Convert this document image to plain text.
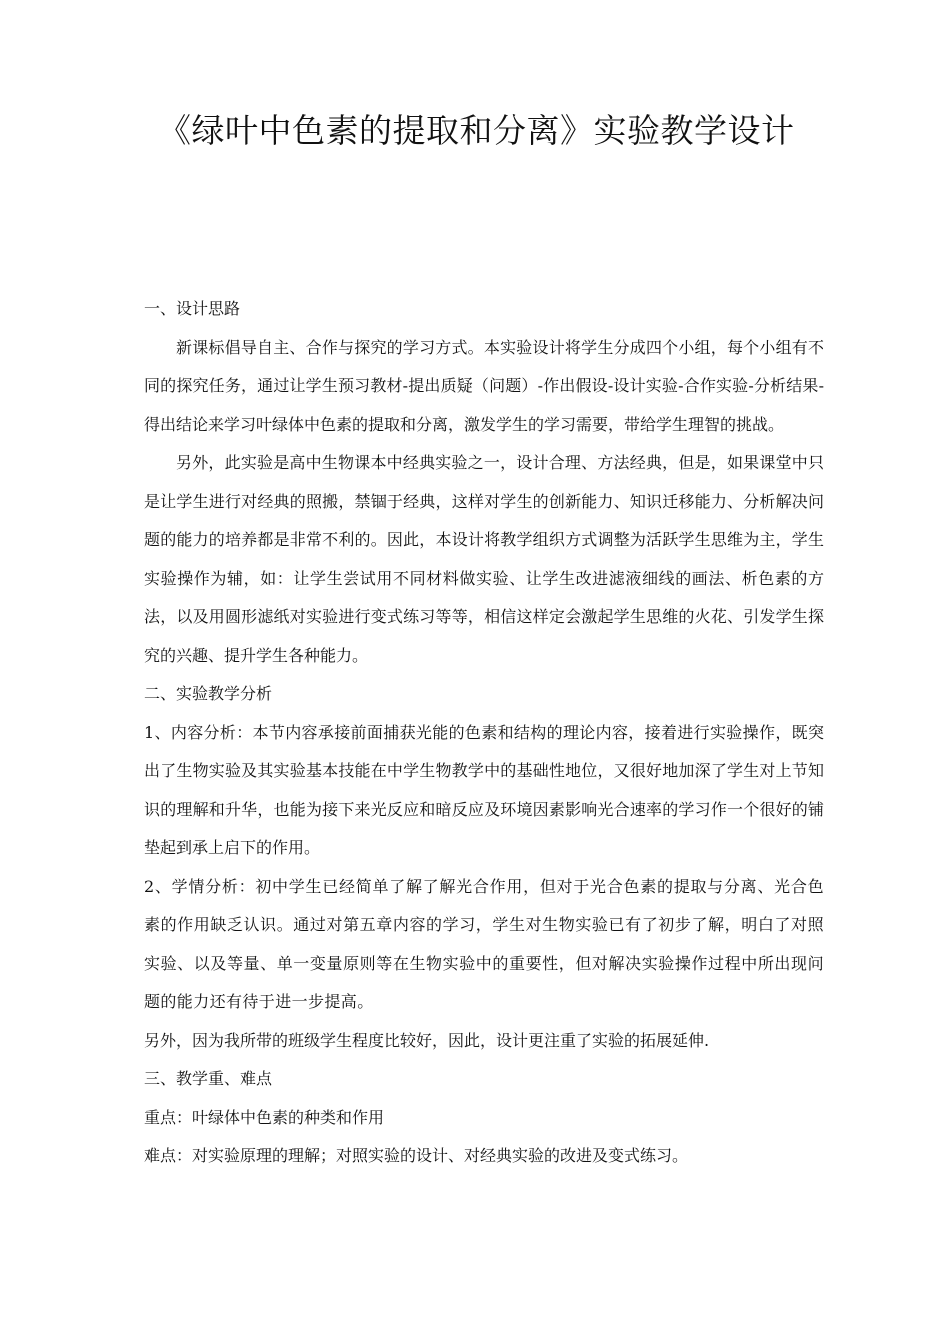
《绿叶中色素的提取和分离》实验教学设计

一、设计思路

新课标倡导自主、合作与探究的学习方式。本实验设计将学生分成四个小组，每个小组有不同的探究任务，通过让学生预习教材-提出质疑（问题）-作出假设-设计实验-合作实验-分析结果-得出结论来学习叶绿体中色素的提取和分离，激发学生的学习需要，带给学生理智的挑战。

另外，此实验是高中生物课本中经典实验之一，设计合理、方法经典，但是，如果课堂中只是让学生进行对经典的照搬，禁锢于经典，这样对学生的创新能力、知识迁移能力、分析解决问题的能力的培养都是非常不利的。因此，本设计将教学组织方式调整为活跃学生思维为主，学生实验操作为辅，如：让学生尝试用不同材料做实验、让学生改进滤液细线的画法、析色素的方法，以及用圆形滤纸对实验进行变式练习等等，相信这样定会激起学生思维的火花、引发学生探究的兴趣、提升学生各种能力。

二、实验教学分析

1、内容分析：本节内容承接前面捕获光能的色素和结构的理论内容，接着进行实验操作，既突出了生物实验及其实验基本技能在中学生物教学中的基础性地位，又很好地加深了学生对上节知识的理解和升华，也能为接下来光反应和暗反应及环境因素影响光合速率的学习作一个很好的铺垫起到承上启下的作用。

2、学情分析：初中学生已经简单了解了解光合作用，但对于光合色素的提取与分离、光合色素的作用缺乏认识。通过对第五章内容的学习，学生对生物实验已有了初步了解，明白了对照实验、以及等量、单一变量原则等在生物实验中的重要性，但对解决实验操作过程中所出现问题的能力还有待于进一步提高。

另外，因为我所带的班级学生程度比较好，因此，设计更注重了实验的拓展延伸.

三、教学重、难点

重点：叶绿体中色素的种类和作用

难点：对实验原理的理解；对照实验的设计、对经典实验的改进及变式练习。
